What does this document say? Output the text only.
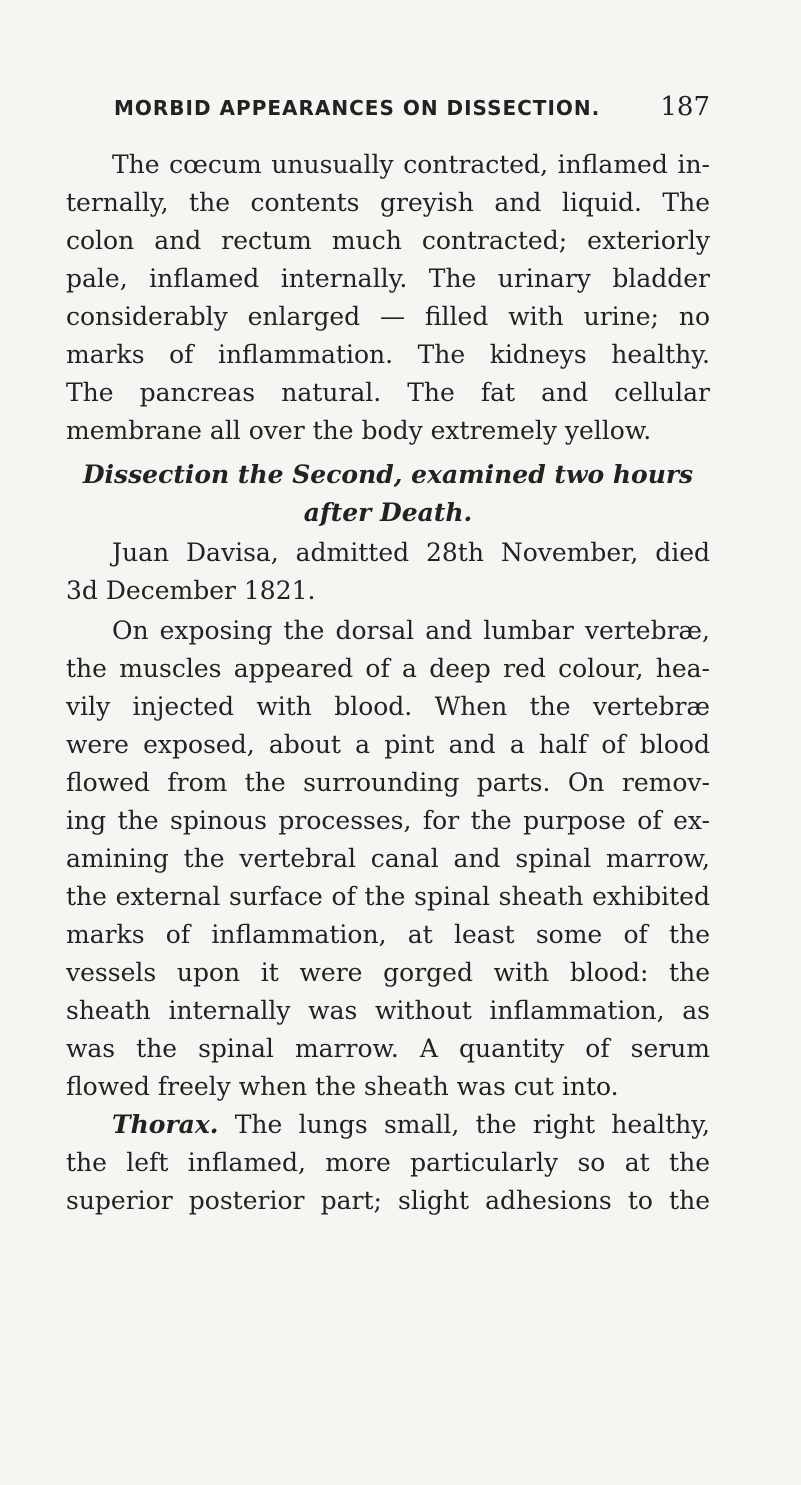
MORBID APPEARANCES ON DISSECTION. 187
The cœcum unusually contracted, inflamed in-
ternally, the contents greyish and liquid. The
colon and rectum much contracted; exteriorly
pale, inflamed internally. The urinary bladder
considerably enlarged — filled with urine; no
marks of inflammation. The kidneys healthy.
The pancreas natural. The fat and cellular
membrane all over the body extremely yellow.
Dissection the Second, examined two hours
after Death.
Juan Davisa, admitted 28th November, died
3d December 1821.
On exposing the dorsal and lumbar vertebræ,
the muscles appeared of a deep red colour, hea-
vily injected with blood. When the vertebræ
were exposed, about a pint and a half of blood
flowed from the surrounding parts. On remov-
ing the spinous processes, for the purpose of ex-
amining the vertebral canal and spinal marrow,
the external surface of the spinal sheath exhibited
marks of inflammation, at least some of the
vessels upon it were gorged with blood: the
sheath internally was without inflammation, as
was the spinal marrow. A quantity of serum
flowed freely when the sheath was cut into.
Thorax. The lungs small, the right healthy,
the left inflamed, more particularly so at the
superior posterior part; slight adhesions to the
